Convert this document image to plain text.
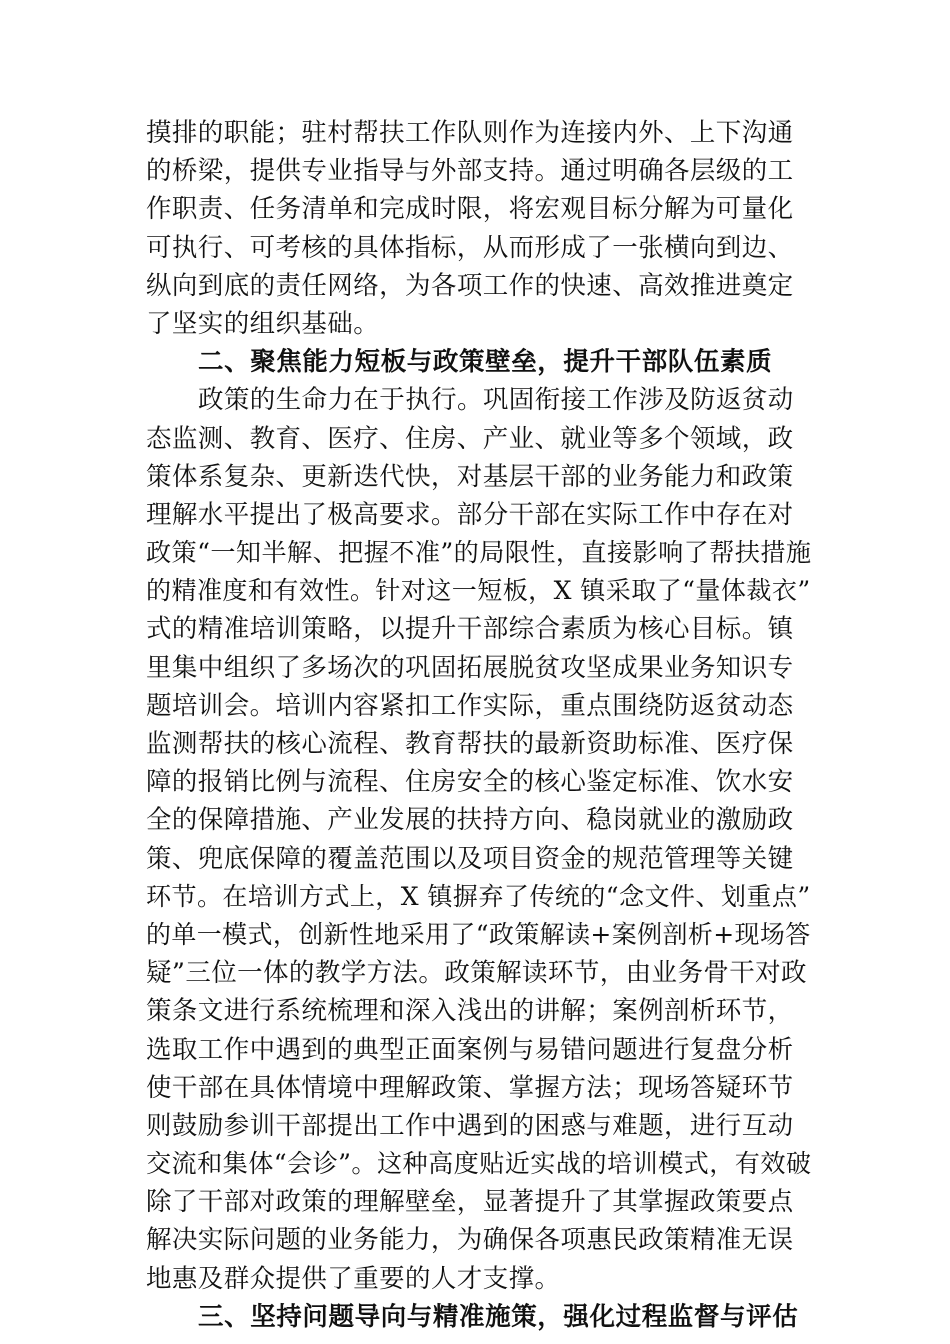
摸排的职能；驻村帮扶工作队则作为连接内外、上下沟通
的桥梁，提供专业指导与外部支持。通过明确各层级的工
作职责、任务清单和完成时限，将宏观目标分解为可量化
可执行、可考核的具体指标，从而形成了一张横向到边、
纵向到底的责任网络，为各项工作的快速、高效推进奠定
了坚实的组织基础。
二、聚焦能力短板与政策壁垒，提升干部队伍素质
政策的生命力在于执行。巩固衔接工作涉及防返贫动
态监测、教育、医疗、住房、产业、就业等多个领域，政
策体系复杂、更新迭代快，对基层干部的业务能力和政策
理解水平提出了极高要求。部分干部在实际工作中存在对
政策“一知半解、把握不准”的局限性，直接影响了帮扶措施
的精准度和有效性。针对这一短板，X 镇采取了“量体裁衣”
式的精准培训策略，以提升干部综合素质为核心目标。镇
里集中组织了多场次的巩固拓展脱贫攻坚成果业务知识专
题培训会。培训内容紧扣工作实际，重点围绕防返贫动态
监测帮扶的核心流程、教育帮扶的最新资助标准、医疗保
障的报销比例与流程、住房安全的核心鉴定标准、饮水安
全的保障措施、产业发展的扶持方向、稳岗就业的激励政
策、兜底保障的覆盖范围以及项目资金的规范管理等关键
环节。在培训方式上，X 镇摒弃了传统的“念文件、划重点”
的单一模式，创新性地采用了“政策解读+案例剖析+现场答
疑”三位一体的教学方法。政策解读环节，由业务骨干对政
策条文进行系统梳理和深入浅出的讲解；案例剖析环节，
选取工作中遇到的典型正面案例与易错问题进行复盘分析
使干部在具体情境中理解政策、掌握方法；现场答疑环节
则鼓励参训干部提出工作中遇到的困惑与难题，进行互动
交流和集体“会诊”。这种高度贴近实战的培训模式，有效破
除了干部对政策的理解壁垒，显著提升了其掌握政策要点
解决实际问题的业务能力，为确保各项惠民政策精准无误
地惠及群众提供了重要的人才支撑。
三、坚持问题导向与精准施策，强化过程监督与评估
